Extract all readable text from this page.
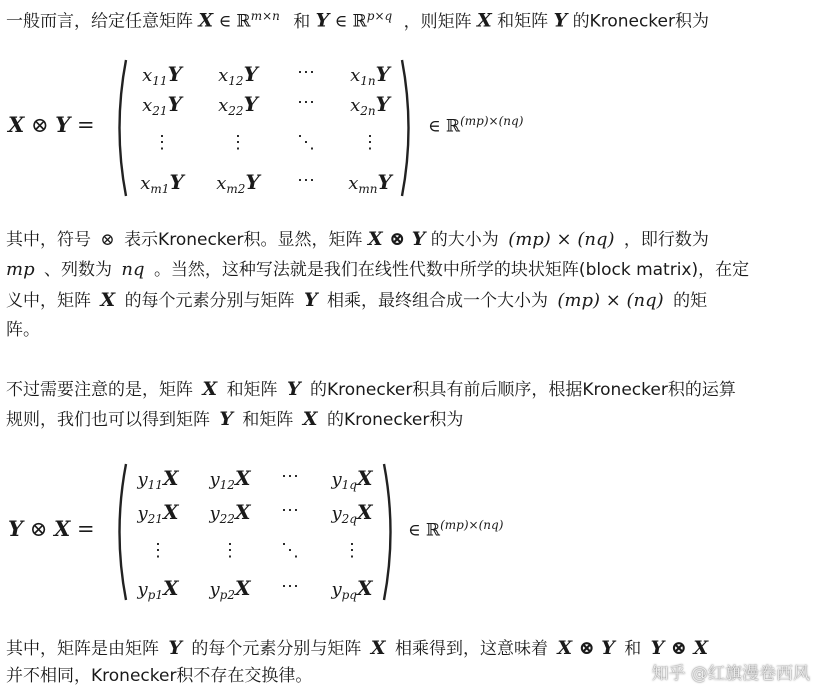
一般而言，给定任意矩阵 X ∈ ℝ$^{m\times n}$ 和 Y ∈ ℝ$^{p\times q}$ ，则矩阵 X 和矩阵 Y 的Kronecker积为
X ⊗ Y =
$x_{11}Y$	$x_{12}Y$	⋯	$x_{1n}Y$
$x_{21}Y$	$x_{22}Y$	⋯	$x_{2n}Y$
⋮	⋮	⋱	⋮
$x_{m1}Y$	$x_{m2}Y$	⋯	$x_{mn}Y$
∈ ℝ$^{(mp)\times(nq)}$
其中，符号 ⊗ 表示Kronecker积。显然，矩阵 X ⊗ Y 的大小为 (mp) × (nq) ，即行数为
mp 、列数为 nq 。当然，这种写法就是我们在线性代数中所学的块状矩阵(block matrix)，在定
义中，矩阵 X 的每个元素分别与矩阵 Y 相乘，最终组合成一个大小为 (mp) × (nq) 的矩
阵。
不过需要注意的是，矩阵 X 和矩阵 Y 的Kronecker积具有前后顺序，根据Kronecker积的运算
规则，我们也可以得到矩阵 Y 和矩阵 X 的Kronecker积为
Y ⊗ X =
$y_{11}X$	$y_{12}X$	⋯	$y_{1q}X$
$y_{21}X$	$y_{22}X$	⋯	$y_{2q}X$
⋮	⋮	⋱	⋮
$y_{p1}X$	$y_{p2}X$	⋯	$y_{pq}X$
∈ ℝ$^{(mp)\times(nq)}$
其中，矩阵是由矩阵 Y 的每个元素分别与矩阵 X 相乘得到，这意味着 X ⊗ Y 和 Y ⊗ X
并不相同，Kronecker积不存在交换律。	知乎 @红旗漫卷西风
